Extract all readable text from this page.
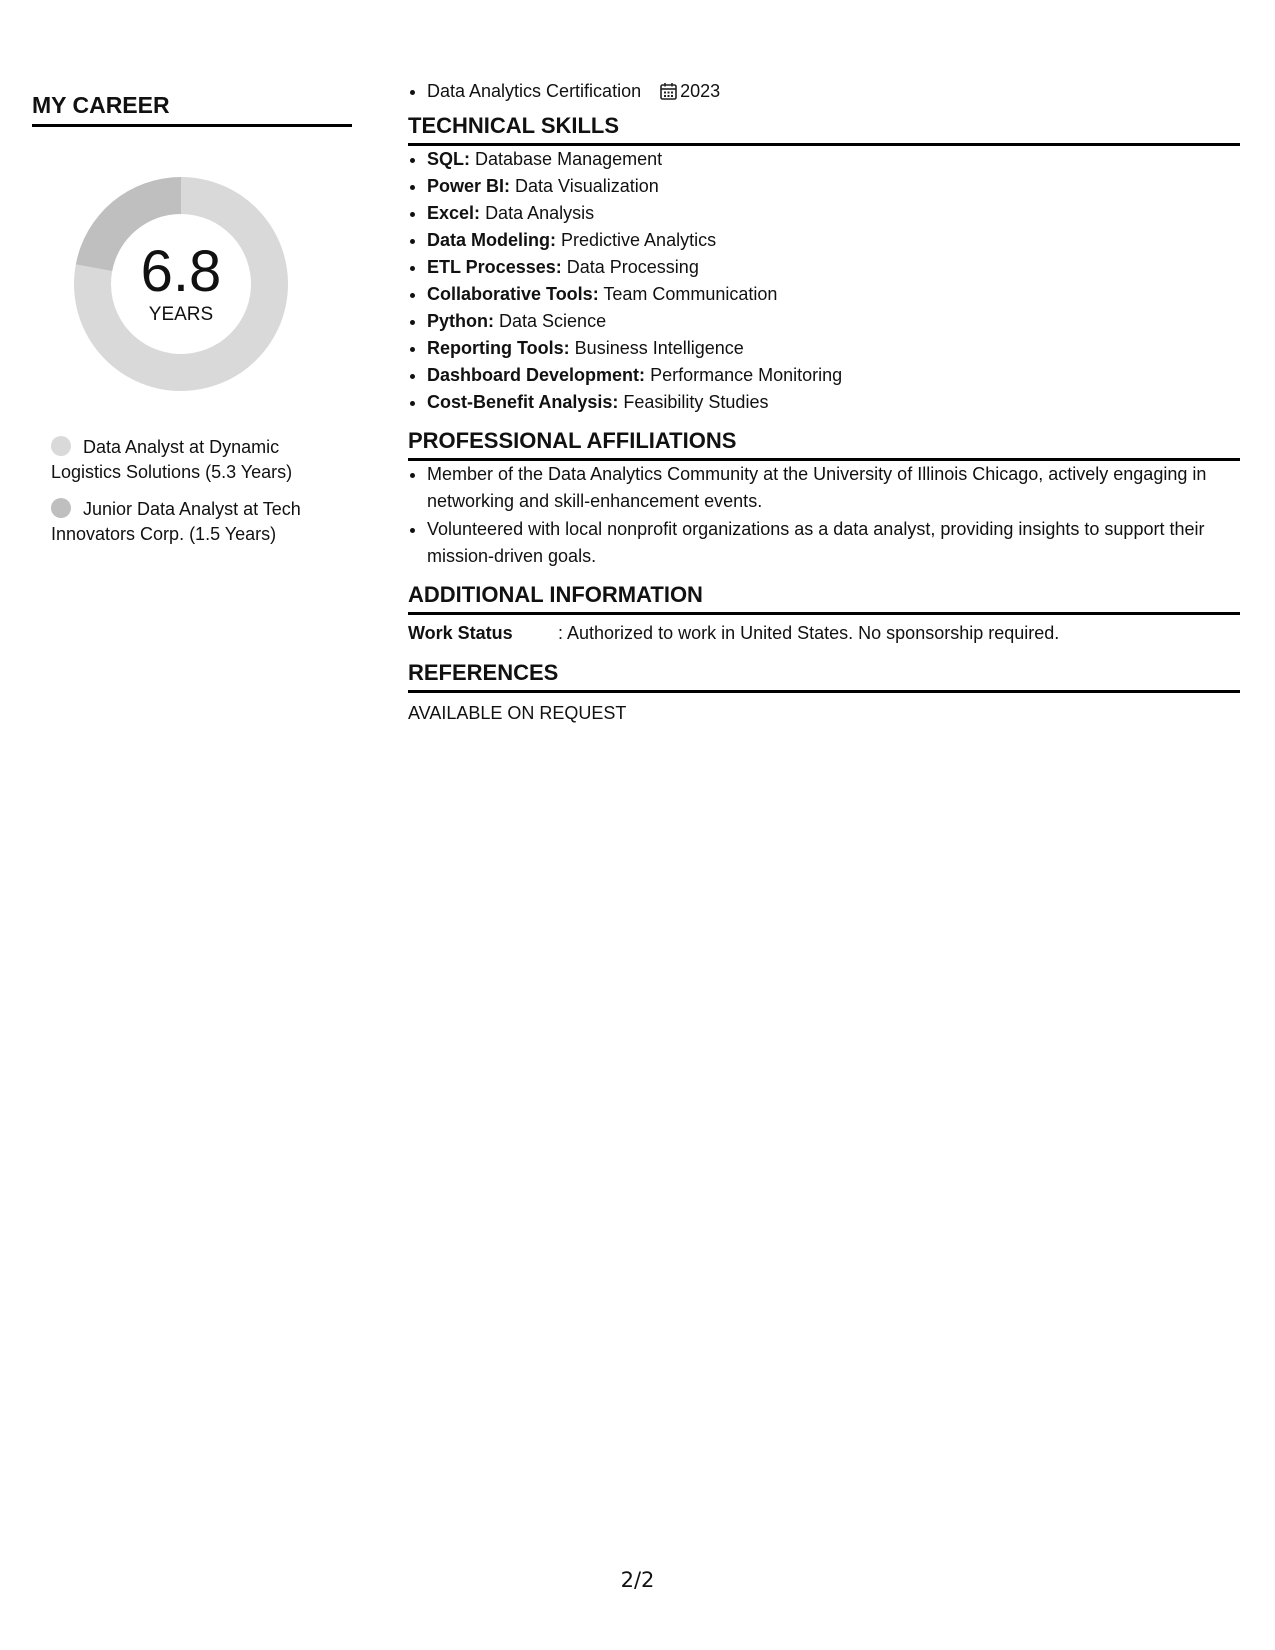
MY CAREER
6.8
YEARS
Data Analyst at Dynamic Logistics Solutions (5.3 Years)
Junior Data Analyst at Tech Innovators Corp. (1.5 Years)
• Data Analytics Certification 2023
TECHNICAL SKILLS
• SQL: Database Management
• Power BI: Data Visualization
• Excel: Data Analysis
• Data Modeling: Predictive Analytics
• ETL Processes: Data Processing
• Collaborative Tools: Team Communication
• Python: Data Science
• Reporting Tools: Business Intelligence
• Dashboard Development: Performance Monitoring
• Cost-Benefit Analysis: Feasibility Studies
PROFESSIONAL AFFILIATIONS
• Member of the Data Analytics Community at the University of Illinois Chicago, actively engaging in networking and skill-enhancement events.
• Volunteered with local nonprofit organizations as a data analyst, providing insights to support their mission-driven goals.
ADDITIONAL INFORMATION
Work Status	: Authorized to work in United States. No sponsorship required.
REFERENCES
AVAILABLE ON REQUEST
2/2
